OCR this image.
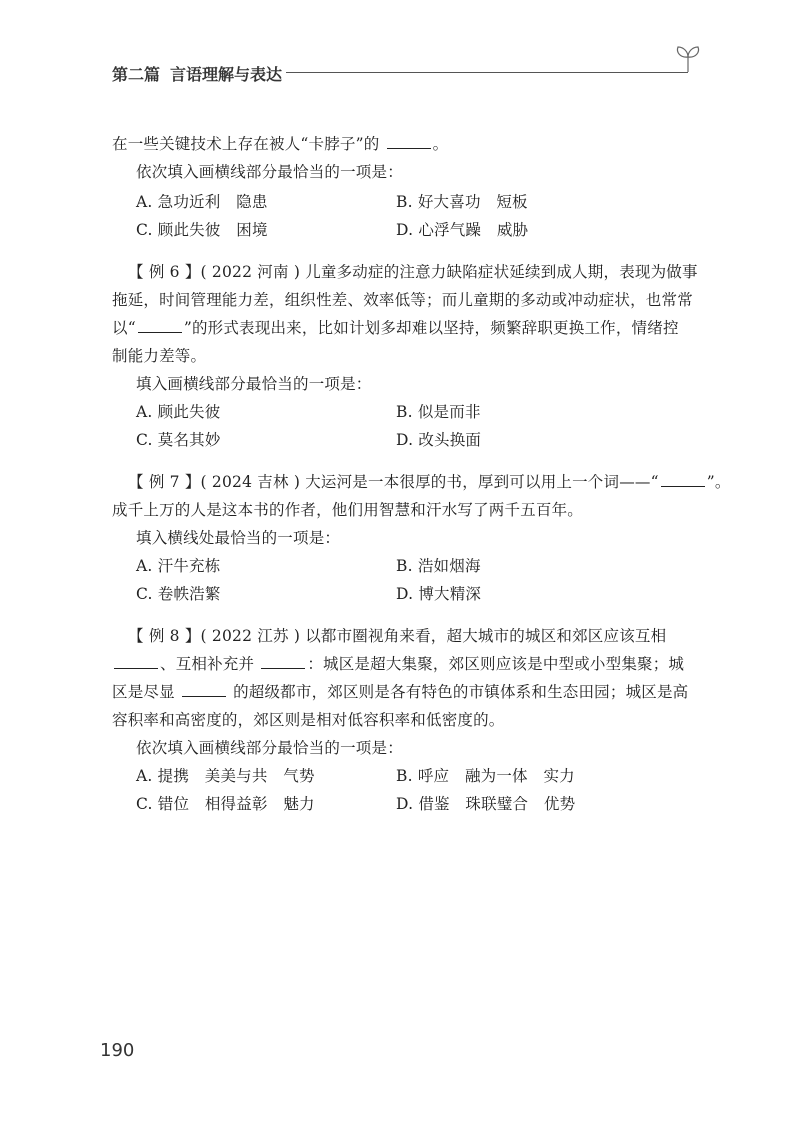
第二篇 言语理解与表达
在一些关键技术上存在被人“卡脖子”的	。
依次填入画横线部分最恰当的一项是：
A. 急功近利　隐患	B. 好大喜功　短板
C. 顾此失彼　困境	D. 心浮气躁　威胁
【 例 6 】( 2022 河南 ) 儿童多动症的注意力缺陷症状延续到成人期，表现为做事
拖延，时间管理能力差，组织性差、效率低等；而儿童期的多动或冲动症状，也常常
以“	”的形式表现出来，比如计划多却难以坚持，频繁辞职更换工作，情绪控
制能力差等。
填入画横线部分最恰当的一项是：
A. 顾此失彼	B. 似是而非
C. 莫名其妙	D. 改头换面
【 例 7 】( 2024 吉林 ) 大运河是一本很厚的书，厚到可以用上一个词——“	”。
成千上万的人是这本书的作者，他们用智慧和汗水写了两千五百年。
填入横线处最恰当的一项是：
A. 汗牛充栋	B. 浩如烟海
C. 卷帙浩繁	D. 博大精深
【 例 8 】( 2022 江苏 ) 以都市圈视角来看，超大城市的城区和郊区应该互相
、互相补充并	：城区是超大集聚，郊区则应该是中型或小型集聚；城
区是尽显	的超级都市，郊区则是各有特色的市镇体系和生态田园；城区是高
容积率和高密度的，郊区则是相对低容积率和低密度的。
依次填入画横线部分最恰当的一项是：
A. 提携　美美与共　气势	B. 呼应　融为一体　实力
C. 错位　相得益彰　魅力	D. 借鉴　珠联璧合　优势
190
